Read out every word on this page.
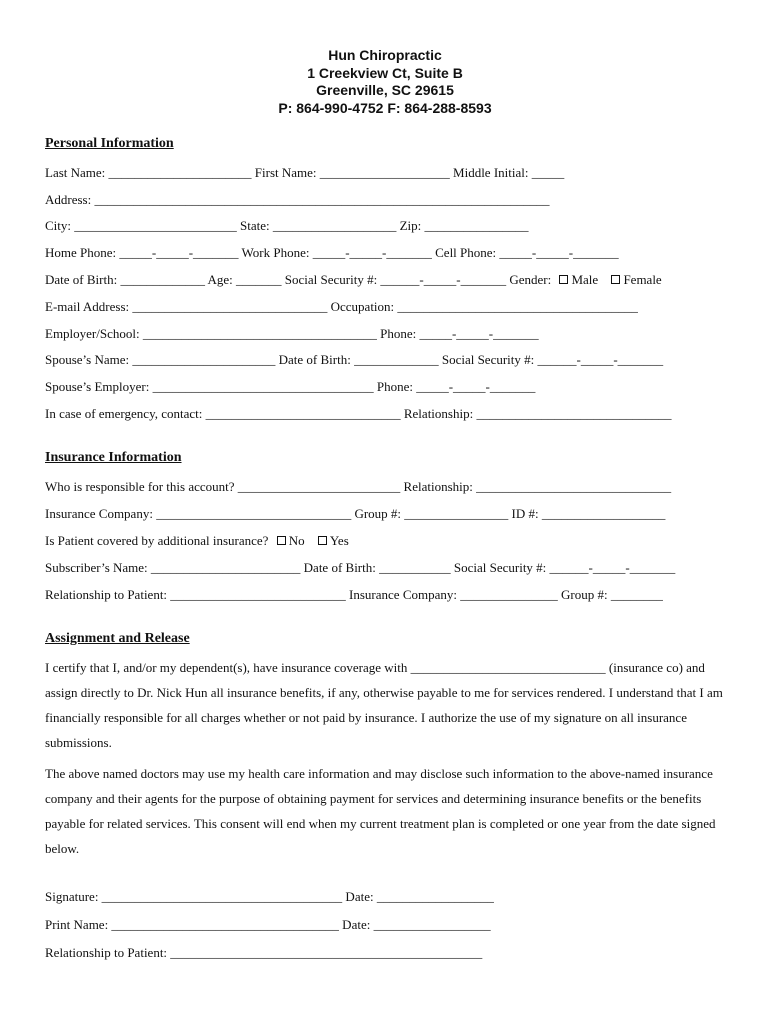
Hun Chiropractic
1 Creekview Ct, Suite B
Greenville, SC 29615
P: 864-990-4752 F: 864-288-8593
Personal Information
Last Name: ______________________ First Name: ____________________ Middle Initial: _____
Address: ______________________________________________________________________
City: _________________________ State: ___________________ Zip: ________________
Home Phone: _____-_____-_______ Work Phone: _____-_____-_______ Cell Phone: _____-_____-_______
Date of Birth: _____________ Age: _______ Social Security #: ______-_____-_______ Gender: Male Female
E-mail Address: ______________________________ Occupation: _____________________________________
Employer/School: ____________________________________ Phone: _____-_____-_______
Spouse’s Name: ______________________ Date of Birth: _____________ Social Security #: ______-_____-_______
Spouse’s Employer: __________________________________ Phone: _____-_____-_______
In case of emergency, contact: ______________________________ Relationship: ______________________________
Insurance Information
Who is responsible for this account? _________________________ Relationship: ______________________________
Insurance Company: ______________________________ Group #: ________________ ID #: ___________________
Is Patient covered by additional insurance? No Yes
Subscriber’s Name: _______________________ Date of Birth: ___________ Social Security #: ______-_____-_______
Relationship to Patient: ___________________________ Insurance Company: _______________ Group #: ________
Assignment and Release

I certify that I, and/or my dependent(s), have insurance coverage with ______________________________ (insurance co) and assign directly to Dr. Nick Hun all insurance benefits, if any, otherwise payable to me for services rendered. I understand that I am financially responsible for all charges whether or not paid by insurance. I authorize the use of my signature on all insurance submissions.

The above named doctors may use my health care information and may disclose such information to the above-named insurance company and their agents for the purpose of obtaining payment for services and determining insurance benefits or the benefits payable for related services. This consent will end when my current treatment plan is completed or one year from the date signed below.

Signature: _____________________________________ Date: __________________
Print Name: ___________________________________ Date: __________________
Relationship to Patient: ________________________________________________
